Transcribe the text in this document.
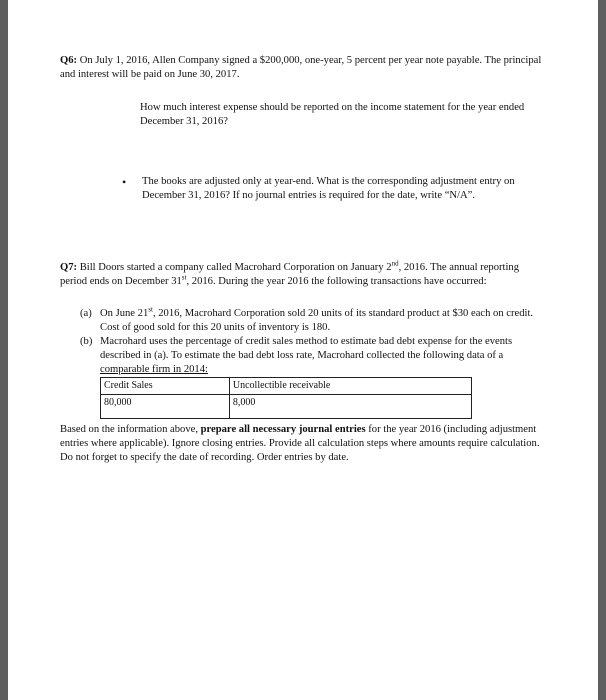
Q6: On July 1, 2016, Allen Company signed a $200,000, one-year, 5 percent per year note payable. The principal and interest will be paid on June 30, 2017.

How much interest expense should be reported on the income statement for the year ended December 31, 2016?

•	The books are adjusted only at year-end. What is the corresponding adjustment entry on December 31, 2016? If no journal entries is required for the date, write “N/A”.

Q7: Bill Doors started a company called Macrohard Corporation on January 2nd, 2016. The annual reporting period ends on December 31st, 2016. During the year 2016 the following transactions have occurred:

(a) On June 21st, 2016, Macrohard Corporation sold 20 units of its standard product at $30 each on credit. Cost of good sold for this 20 units of inventory is 180.
(b) Macrohard uses the percentage of credit sales method to estimate bad debt expense for the events described in (a). To estimate the bad debt loss rate, Macrohard collected the following data of a

comparable firm in 2014:

Credit Sales	Uncollectible receivable
80,000	8,000

Based on the information above, prepare all necessary journal entries for the year 2016 (including adjustment entries where applicable). Ignore closing entries. Provide all calculation steps where amounts require calculation. Do not forget to specify the date of recording. Order entries by date.
